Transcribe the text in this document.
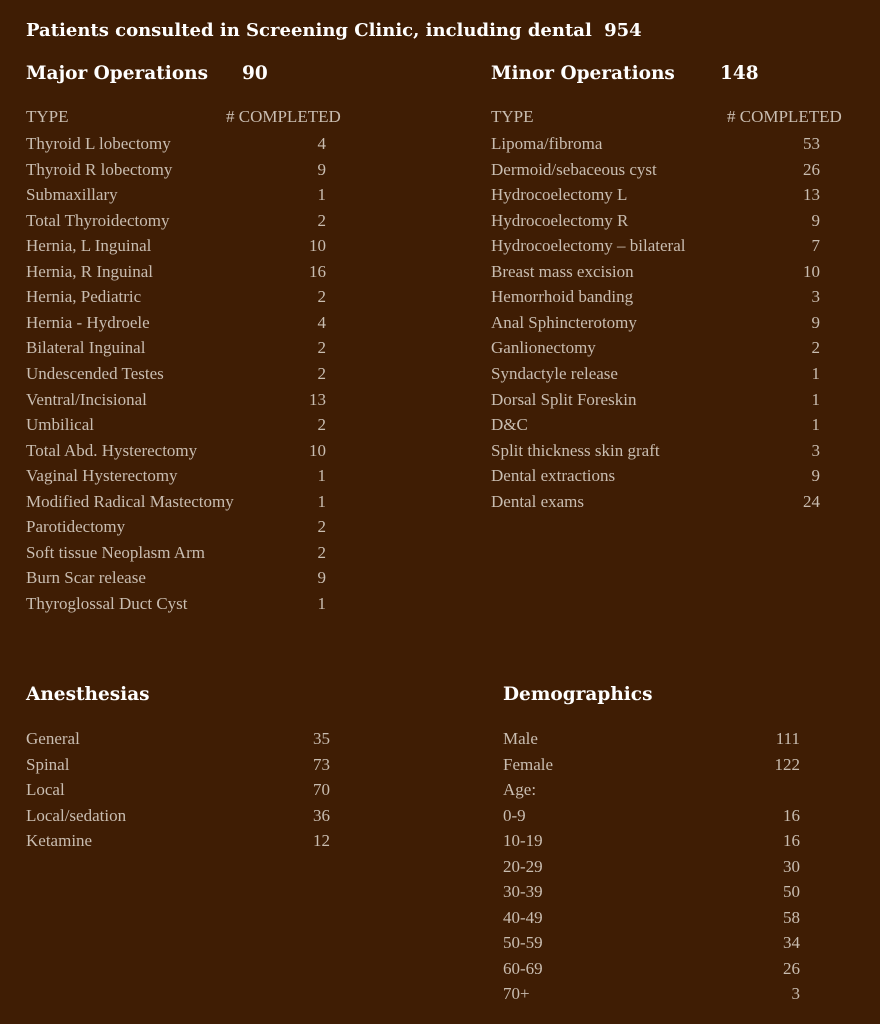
Patients consulted in Screening Clinic, including dental 954
Major Operations 90
TYPE	# COMPLETED
Thyroid L lobectomy	4
Thyroid R lobectomy	9
Submaxillary	1
Total Thyroidectomy	2
Hernia, L Inguinal	10
Hernia, R Inguinal	16
Hernia, Pediatric	2
Hernia - Hydroele	4
Bilateral Inguinal	2
Undescended Testes	2
Ventral/Incisional	13
Umbilical	2
Total Abd. Hysterectomy	10
Vaginal Hysterectomy	1
Modified Radical Mastectomy	1
Parotidectomy	2
Soft tissue Neoplasm Arm	2
Burn Scar release	9
Thyroglossal Duct Cyst	1
Minor Operations 148
TYPE	# COMPLETED
Lipoma/fibroma	53
Dermoid/sebaceous cyst	26
Hydrocoelectomy L	13
Hydrocoelectomy R	9
Hydrocoelectomy – bilateral	7
Breast mass excision	10
Hemorrhoid banding	3
Anal Sphincterotomy	9
Ganlionectomy	2
Syndactyle release	1
Dorsal Split Foreskin	1
D&C	1
Split thickness skin graft	3
Dental extractions	9
Dental exams	24
Anesthesias
General	35
Spinal	73
Local	70
Local/sedation	36
Ketamine	12
Demographics
Male	111
Female	122
Age:
0-9	16
10-19	16
20-29	30
30-39	50
40-49	58
50-59	34
60-69	26
70+	3
